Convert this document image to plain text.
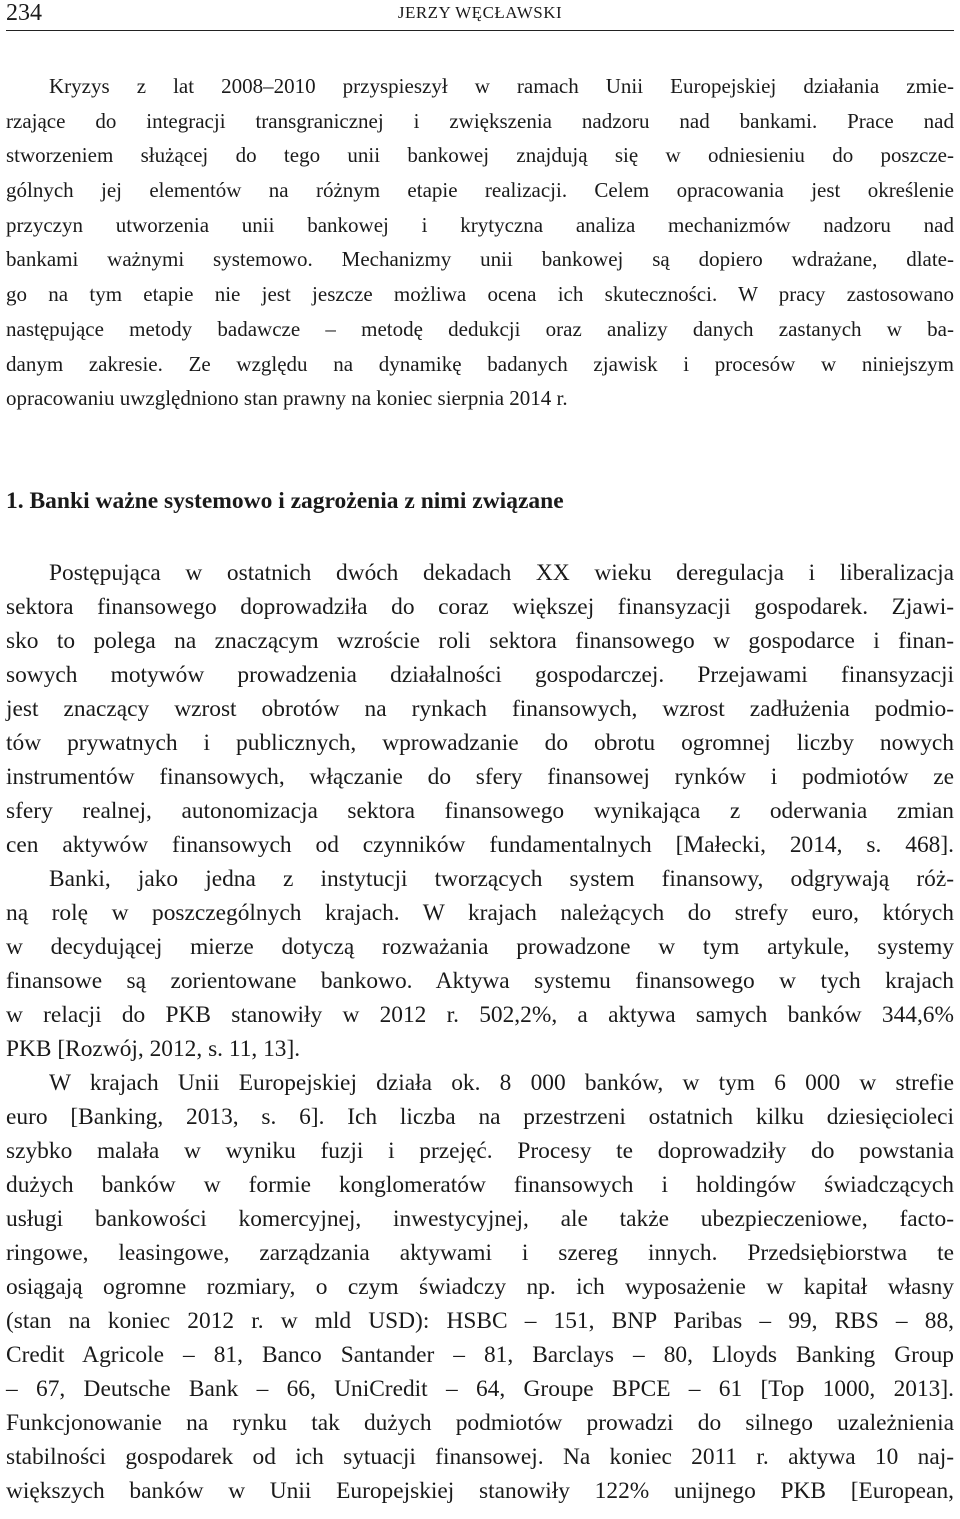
234	JERZY WĘCŁAWSKI
Kryzys z lat 2008–2010 przyspieszył w ramach Unii Europejskiej działania zmie-
rzające do integracji transgranicznej i zwiększenia nadzoru nad bankami. Prace nad
stworzeniem służącej do tego unii bankowej znajdują się w odniesieniu do poszcze-
gólnych jej elementów na różnym etapie realizacji. Celem opracowania jest określenie
przyczyn utworzenia unii bankowej i krytyczna analiza mechanizmów nadzoru nad
bankami ważnymi systemowo. Mechanizmy unii bankowej są dopiero wdrażane, dlate-
go na tym etapie nie jest jeszcze możliwa ocena ich skuteczności. W pracy zastosowano
następujące metody badawcze – metodę dedukcji oraz analizy danych zastanych w ba-
danym zakresie. Ze względu na dynamikę badanych zjawisk i procesów w niniejszym
opracowaniu uwzględniono stan prawny na koniec sierpnia 2014 r.
1. Banki ważne systemowo i zagrożenia z nimi związane
Postępująca w ostatnich dwóch dekadach XX wieku deregulacja i liberalizacja
sektora finansowego doprowadziła do coraz większej finansyzacji gospodarek. Zjawi-
sko to polega na znaczącym wzroście roli sektora finansowego w gospodarce i finan-
sowych motywów prowadzenia działalności gospodarczej. Przejawami finansyzacji
jest znaczący wzrost obrotów na rynkach finansowych, wzrost zadłużenia podmio-
tów prywatnych i publicznych, wprowadzanie do obrotu ogromnej liczby nowych
instrumentów finansowych, włączanie do sfery finansowej rynków i podmiotów ze
sfery realnej, autonomizacja sektora finansowego wynikająca z oderwania zmian
cen aktywów finansowych od czynników fundamentalnych [Małecki, 2014, s. 468].
Banki, jako jedna z instytucji tworzących system finansowy, odgrywają róż-
ną rolę w poszczególnych krajach. W krajach należących do strefy euro, których
w decydującej mierze dotyczą rozważania prowadzone w tym artykule, systemy
finansowe są zorientowane bankowo. Aktywa systemu finansowego w tych krajach
w relacji do PKB stanowiły w 2012 r. 502,2%, a aktywa samych banków 344,6%
PKB [Rozwój, 2012, s. 11, 13].
W krajach Unii Europejskiej działa ok. 8 000 banków, w tym 6 000 w strefie
euro [Banking, 2013, s. 6]. Ich liczba na przestrzeni ostatnich kilku dziesięcioleci
szybko malała w wyniku fuzji i przejęć. Procesy te doprowadziły do powstania
dużych banków w formie konglomeratów finansowych i holdingów świadczących
usługi bankowości komercyjnej, inwestycyjnej, ale także ubezpieczeniowe, facto-
ringowe, leasingowe, zarządzania aktywami i szereg innych. Przedsiębiorstwa te
osiągają ogromne rozmiary, o czym świadczy np. ich wyposażenie w kapitał własny
(stan na koniec 2012 r. w mld USD): HSBC – 151, BNP Paribas – 99, RBS – 88,
Credit Agricole – 81, Banco Santander – 81, Barclays – 80, Lloyds Banking Group
– 67, Deutsche Bank – 66, UniCredit – 64, Groupe BPCE – 61 [Top 1000, 2013].
Funkcjonowanie na rynku tak dużych podmiotów prowadzi do silnego uzależnienia
stabilności gospodarek od ich sytuacji finansowej. Na koniec 2011 r. aktywa 10 naj-
większych banków w Unii Europejskiej stanowiły 122% unijnego PKB [European,
